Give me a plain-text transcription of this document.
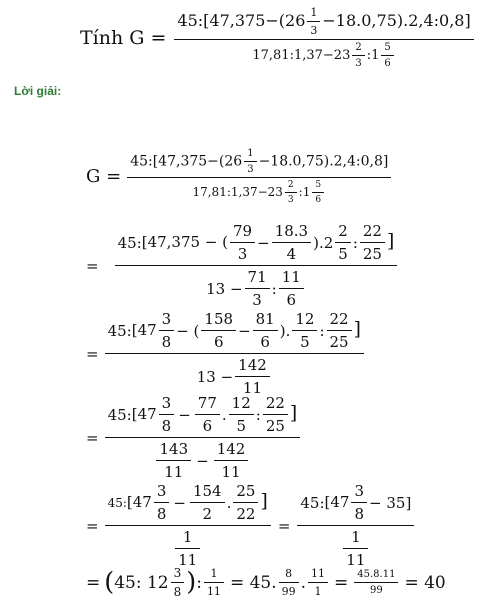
Tính $G = \frac{45:[47,375-(26 \frac{1}{3} -18.0,75).2,4:0,8]}{17,81:1,37-23 \frac{2}{3} :1 \frac{5}{6}}$
Lời giải:
$G = \frac{45:[47,375-(26 \frac{1}{3} -18.0,75).2,4:0,8]}{17,81:1,37-23 \frac{2}{3} :1 \frac{5}{6}}$
=
45: [47,375 − ( $\frac{79}{3} - \frac{18.3}{4} ).2 \frac{2}{5}$ : $\frac{22}{25}$ ]
$13 - \frac{71}{3}$ : $\frac{11}{6}$
=
45: [$47 \frac{3}{8}$ − ( $\frac{158}{6} - \frac{81}{6}$ ). $\frac{12}{5}$ : $\frac{22}{25}$ ]
$13 - \frac{142}{11}$
=
45: [$47 \frac{3}{8} - \frac{77}{6}$ . $\frac{12}{5}$ : $\frac{22}{25}$ ]
$\frac{143}{11} - \frac{142}{11}$
=
45: [$47 \frac{3}{8} - \frac{154}{2}$ . $\frac{25}{22}$ ]
$\frac{1}{11}$
= $\frac{45: [47 \frac{3}{8} - 35]}{\frac{1}{11}}$
= ( 45: $12 \frac{3}{8}$ ) : $\frac{1}{11} = 45$. $\frac{8}{99}$ . $\frac{11}{1} = \frac{45.8.11}{99} = 40$
